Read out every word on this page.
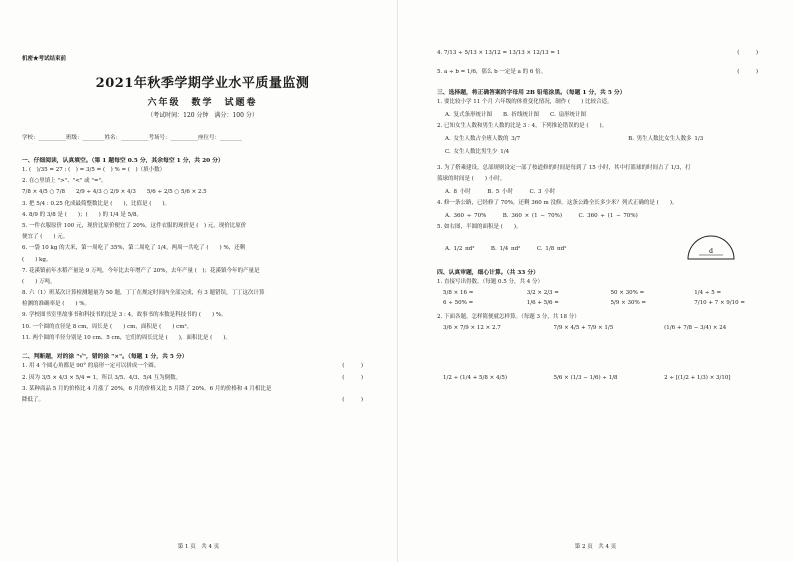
机密★考试结束前
2021年秋季学期学业水平质量监测
六年级　数学　试题卷
（考试时间：120 分钟　满分：100 分）
学校：__________班级：________姓名：__________考场号：__________座位号：________
一、仔细阅读，认真填空。（第 1 题每空 0.5 分，其余每空 1 分，共 20 分）
1. (　)/35 = 27 : (　) = 3/5 = (　) % = (　)（填小数）
2. 在○里填上 ">"、"<" 或 "="。
7/8 × 4/5 ○ 7/8　　2/9 ÷ 4/3 ○ 2/9 × 4/3　　5/6 ÷ 2/5 ○ 5/6 × 2.5
3. 把 5/4 : 0.25 化成最简整数比是 (　　)，比值是 (　　)。
4. 8/9 的 3/8 是 (　　)；(　　) 的 1/4 是 5/8。
5. 一件衣服原价 100 元，现价比原价便宜了 20%，这件衣服的现价是 (　) 元，现价比原价
便宜了 (　　) 元。
6. 一袋 10 kg 的大米，第一周吃了 35%，第二周吃了 1/4，两周一共吃了 (　　) %，还剩
(　　) kg。
7. 花溪镇前年水稻产量是 9 万吨，今年比去年增产了 20%，去年产量 (　)；花溪镇今年的产量是
(　　) 万吨。
8. 六（1）班某次计算检测题量为 50 题，丁丁在规定时间内全部完成，有 3 题错误，丁丁这次计算
检测的准确率是 (　　) %。
9. 学校图书室里故事书和科技书的比是 3 : 4，故事书的本数是科技书的 (　　) %。
10. 一个圆的直径是 8 cm，周长是 (　　) cm，面积是 (　　) cm²。
11. 两个圆的半径分别是 10 cm、5 cm，它们的周长比是 (　　)，面积比是 (　　)。
二、判断题，对的涂 "√"，错的涂 "×"。（每题 1 分，共 5 分）
1. 用 4 个圆心角都是 90° 的扇形一定可以拼成一个圆。	(　　　)
2. 因为 3/5 × 4/3 × 5/4 = 1，所以 3/5、4/3、5/4 互为倒数。	(　　　)
3. 某种商品 5 月的价格比 4 月涨了 20%，6 月的价格又比 5 月降了 20%。6 月的价格和 4 月相比是
降低了。	(　　　)
第 1 页　共 4 页
4. 7/13 ÷ 5/13 × 13/12 = 13/13 × 12/13 = 1	(　　　)
5. a ÷ b = 1/6，那么 b 一定是 a 的 6 倍。	(　　　)
三、选择题，将正确答案的字母用 2B 铅笔涂黑。（每题 1 分，共 5 分）
1. 要比较小学 11 个月 六年级的体重变化情况，制作 (　　) 比较合适。
A. 复式条形统计图　　B. 折线统计图　　C. 扇形统计图
2. 已知女生人数和男生人数的比是 3 : 4，下列推论错误的是 (　　)。
A. 女生人数占全班人数的 3/7	B. 男生人数比女生人数多 1/3
C. 女生人数比男生少 1/4
3. 为了搭乘建设，总部规则设定一部了按道修的时间是每到了 15 小时，其中打篮球的时间占了 1/3，打
篮球的时间是 (　　) 小时。
A. 8 小时　　　B. 5 小时　　　C. 3 小时
4. 修一条公路，已经修了 70%，还剩 360 m 没修。这条公路全长多少米？列式正确的是 (　　)。
A. 360 ÷ 70%　　　B. 360 × (1 − 70%)　　　C. 360 ÷ (1 − 70%)
5. 如右图，半圆的面积是 (　　)。
A. 1/2 πd²　　　B. 1/4 πd²　　　C. 1/8 πd²	d
四、认真审题，细心计算。（共 33 分）
1. 直接写出得数。（每题 0.5 分，共 4 分）
5/8 × 16 =	3/2 × 2/3 =	50 × 30% =	1/4 ÷ 5 =
6 ÷ 50% =	1/6 + 5/6 =	5/9 × 30% =	7/10 + 7 × 9/10 =
2. 下面各题，怎样简便就怎样算。（每题 3 分，共 18 分）
3/6 × 7/9 × 12 × 2.7	7/9 × 4/5 + 7/9 × 1/5	(1/6 + 7/8 − 3/4) × 24
1/2 ÷ (1/4 + 5/8 × 4/5)	5/6 × (1/3 − 1/6) ÷ 1/8	2 ÷ [(1/2 + 1/3) × 3/10]
第 2 页　共 4 页
